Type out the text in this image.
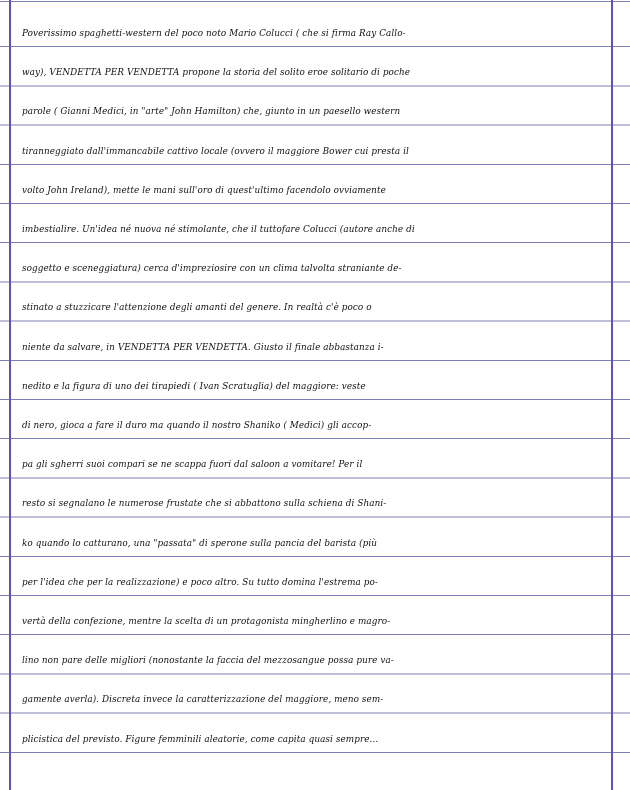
Poverissimo spaghetti-western del poco noto Mario Colucci ( che si firma Ray Callo-
way), VENDETTA PER VENDETTA propone la storia del solito eroe solitario di poche
parole ( Gianni Medici, in "arte" John Hamilton) che, giunto in un paesello western
tiranneggiato dall'immancabile cattivo locale (ovvero il maggiore Bower cui presta il
volto John Ireland), mette le mani sull'oro di quest'ultimo facendolo ovviamente
imbestialire. Un'idea né nuova né stimolante, che il tuttofare Colucci (autore anche di
soggetto e sceneggiatura) cerca d'impreziosire con un clima talvolta straniante de-
stinato a stuzzicare l'attenzione degli amanti del genere. In realtà c'è poco o
niente da salvare, in VENDETTA PER VENDETTA. Giusto il finale abbastanza i-
nedito e la figura di uno dei tirapiedi ( Ivan Scratuglia) del maggiore: veste
di nero, gioca a fare il duro ma quando il nostro Shaniko ( Medici) gli accop-
pa gli sgherri suoi compari se ne scappa fuori dal saloon a vomitare! Per il
resto si segnalano le numerose frustate che si abbattono sulla schiena di Shani-
ko quando lo catturano, una "passata" di sperone sulla pancia del barista (più
per l'idea che per la realizzazione) e poco altro. Su tutto domina l'estrema po-
vertà della confezione, mentre la scelta di un protagonista mingherlino e magro-
lino non pare delle migliori (nonostante la faccia del mezzosangue possa pure va-
gamente averla). Discreta invece la caratterizzazione del maggiore, meno sem-
plicistica del previsto. Figure femminili aleatorie, come capita quasi sempre...
